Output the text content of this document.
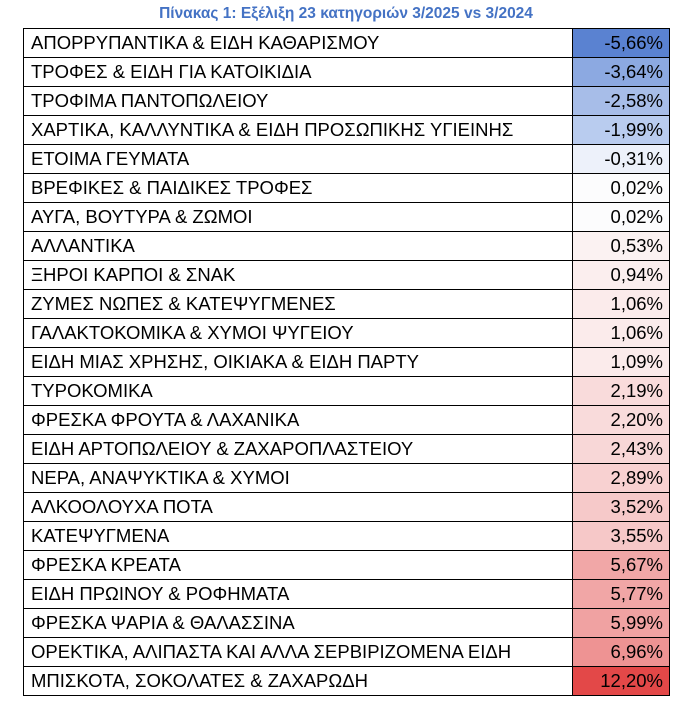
Πίνακας 1: Εξέλιξη 23 κατηγοριών 3/2025 vs 3/2024
ΑΠΟΡΡΥΠΑΝΤΙΚΑ & ΕΙΔΗ ΚΑΘΑΡΙΣΜΟΥ	-5,66%
ΤΡΟΦΕΣ & ΕΙΔΗ ΓΙΑ ΚΑΤΟΙΚΙΔΙΑ	-3,64%
ΤΡΟΦΙΜΑ ΠΑΝΤΟΠΩΛΕΙΟΥ	-2,58%
ΧΑΡΤΙΚΑ, ΚΑΛΛΥΝΤΙΚΑ & ΕΙΔΗ ΠΡΟΣΩΠΙΚΗΣ ΥΓΙΕΙΝΗΣ	-1,99%
ΕΤΟΙΜΑ ΓΕΥΜΑΤΑ	-0,31%
ΒΡΕΦΙΚΕΣ & ΠΑΙΔΙΚΕΣ ΤΡΟΦΕΣ	0,02%
ΑΥΓΑ, ΒΟΥΤΥΡΑ & ΖΩΜΟΙ	0,02%
ΑΛΛΑΝΤΙΚΑ	0,53%
ΞΗΡΟΙ ΚΑΡΠΟΙ & ΣΝΑΚ	0,94%
ΖΥΜΕΣ ΝΩΠΕΣ & ΚΑΤΕΨΥΓΜΕΝΕΣ	1,06%
ΓΑΛΑΚΤΟΚΟΜΙΚΑ & ΧΥΜΟΙ ΨΥΓΕΙΟΥ	1,06%
ΕΙΔΗ ΜΙΑΣ ΧΡΗΣΗΣ, ΟΙΚΙΑΚΑ & ΕΙΔΗ ΠΑΡΤΥ	1,09%
ΤΥΡΟΚΟΜΙΚΑ	2,19%
ΦΡΕΣΚΑ ΦΡΟΥΤΑ & ΛΑΧΑΝΙΚΑ	2,20%
ΕΙΔΗ ΑΡΤΟΠΩΛΕΙΟΥ & ΖΑΧΑΡΟΠΛΑΣΤΕΙΟΥ	2,43%
ΝΕΡΑ, ΑΝΑΨΥΚΤΙΚΑ & ΧΥΜΟΙ	2,89%
ΑΛΚΟΟΛΟΥΧΑ ΠΟΤΑ	3,52%
ΚΑΤΕΨΥΓΜΕΝΑ	3,55%
ΦΡΕΣΚΑ ΚΡΕΑΤΑ	5,67%
ΕΙΔΗ ΠΡΩΙΝΟΥ & ΡΟΦΗΜΑΤΑ	5,77%
ΦΡΕΣΚΑ ΨΑΡΙΑ & ΘΑΛΑΣΣΙΝΑ	5,99%
ΟΡΕΚΤΙΚΑ, ΑΛΙΠΑΣΤΑ ΚΑΙ ΑΛΛΑ ΣΕΡΒΙΡΙΖΟΜΕΝΑ ΕΙΔΗ	6,96%
ΜΠΙΣΚΟΤΑ, ΣΟΚΟΛΑΤΕΣ & ΖΑΧΑΡΩΔΗ	12,20%
